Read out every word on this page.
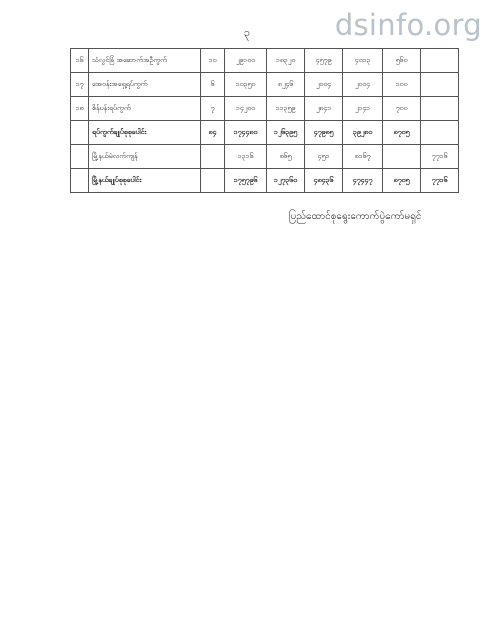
dsinfo.org
၃
၁၆	သံလွင်ခြံ အဆောက်အဦကွက်	၁၀	၂၉၁၀၀	၁၈၃၂၀	၄၅၇၉	၄၀၁၃	၅၆၀	
၁၇	အေဝန်းအရှေ့ရပ်ကွက်	၆	၁၀၃၅၀	၈၂၄၆	၂၀၀၄	၂၀၀၄	၁၀၀	
၁၈	စိန်ပန်းရပ်ကွက်	၇	၁၄၂၀၀	၁၁၃၅၉	၂၈၄၁	၂၁၄၁	၇၀၀	
	ရပ်ကွက်ချုပ်စုစုပေါင်း	၈၄	၁၇၄၄၈၀	၁၂၆၃၉၅	၄၇၉၈၅	၃၉၂၈၀	၈၇၀၅	
	မြို့နယ်မဲလက်ကျန်		၁၃၁၆	၈၆၅	၄၅၁	၈၁၆၇		၇၇၁၆
	မြို့နယ်ချုပ်စုစုပေါင်း		၁၇၅၇၉၆	၁၂၇၃၆၀	၄၈၄၃၆	၄၇၄၄၇	၈၇၀၅	၇၇၁၆
ပြည်ထောင်စုရွေးကောက်ပွဲကော်မရှင်
